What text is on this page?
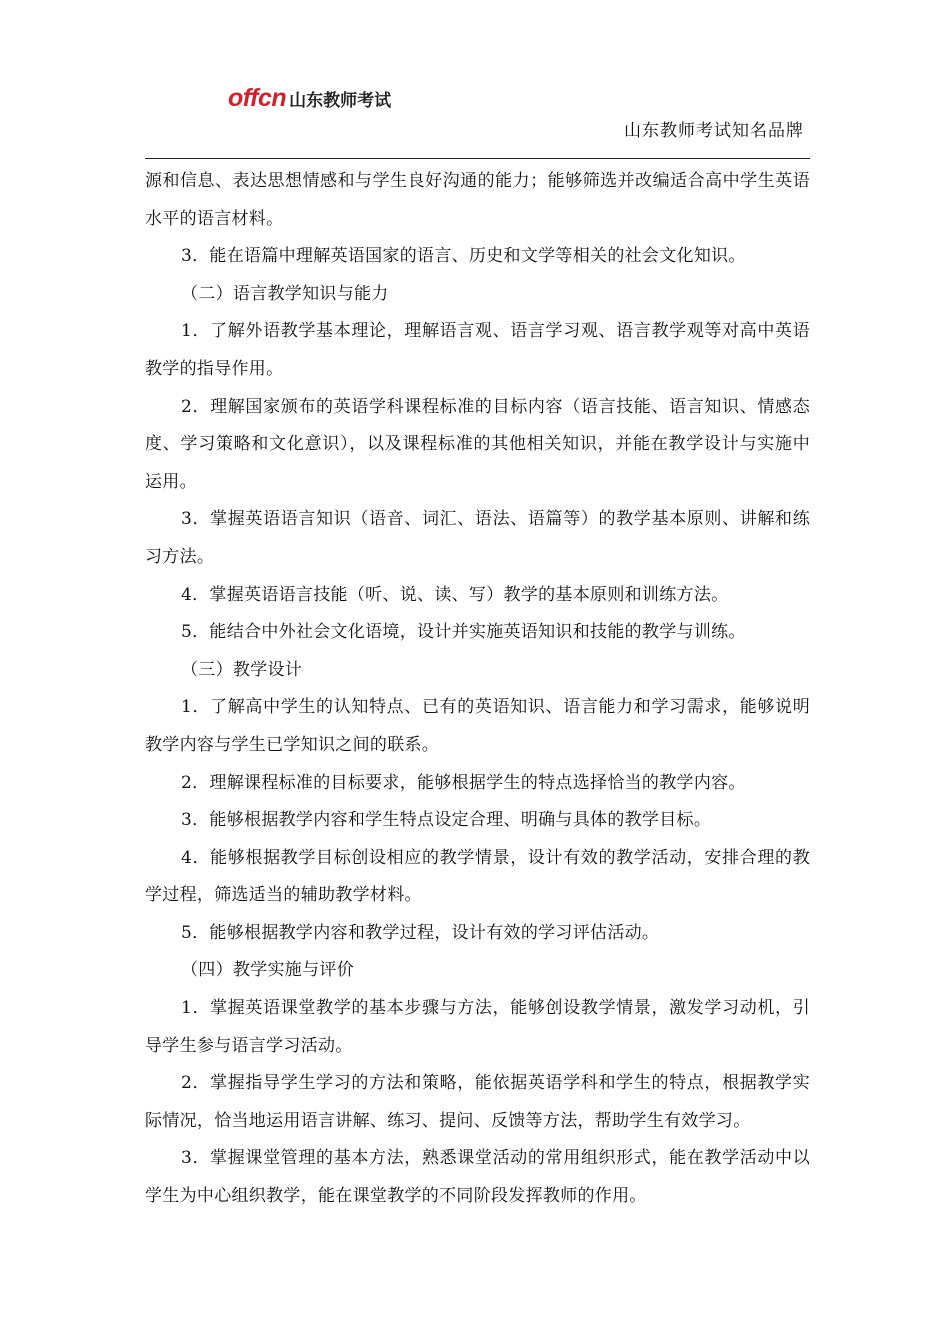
offcn 山东教师考试
山东教师考试知名品牌

源和信息、表达思想情感和与学生良好沟通的能力；能够筛选并改编适合高中学生英语水平的语言材料。

3．能在语篇中理解英语国家的语言、历史和文学等相关的社会文化知识。

（二）语言教学知识与能力

1．了解外语教学基本理论，理解语言观、语言学习观、语言教学观等对高中英语教学的指导作用。

2．理解国家颁布的英语学科课程标准的目标内容（语言技能、语言知识、情感态度、学习策略和文化意识），以及课程标准的其他相关知识，并能在教学设计与实施中运用。

3．掌握英语语言知识（语音、词汇、语法、语篇等）的教学基本原则、讲解和练习方法。

4．掌握英语语言技能（听、说、读、写）教学的基本原则和训练方法。

5．能结合中外社会文化语境，设计并实施英语知识和技能的教学与训练。

（三）教学设计

1．了解高中学生的认知特点、已有的英语知识、语言能力和学习需求，能够说明教学内容与学生已学知识之间的联系。

2．理解课程标准的目标要求，能够根据学生的特点选择恰当的教学内容。

3．能够根据教学内容和学生特点设定合理、明确与具体的教学目标。

4．能够根据教学目标创设相应的教学情景，设计有效的教学活动，安排合理的教学过程，筛选适当的辅助教学材料。

5．能够根据教学内容和教学过程，设计有效的学习评估活动。

（四）教学实施与评价

1．掌握英语课堂教学的基本步骤与方法，能够创设教学情景，激发学习动机，引导学生参与语言学习活动。

2．掌握指导学生学习的方法和策略，能依据英语学科和学生的特点，根据教学实际情况，恰当地运用语言讲解、练习、提问、反馈等方法，帮助学生有效学习。

3．掌握课堂管理的基本方法，熟悉课堂活动的常用组织形式，能在教学活动中以学生为中心组织教学，能在课堂教学的不同阶段发挥教师的作用。
